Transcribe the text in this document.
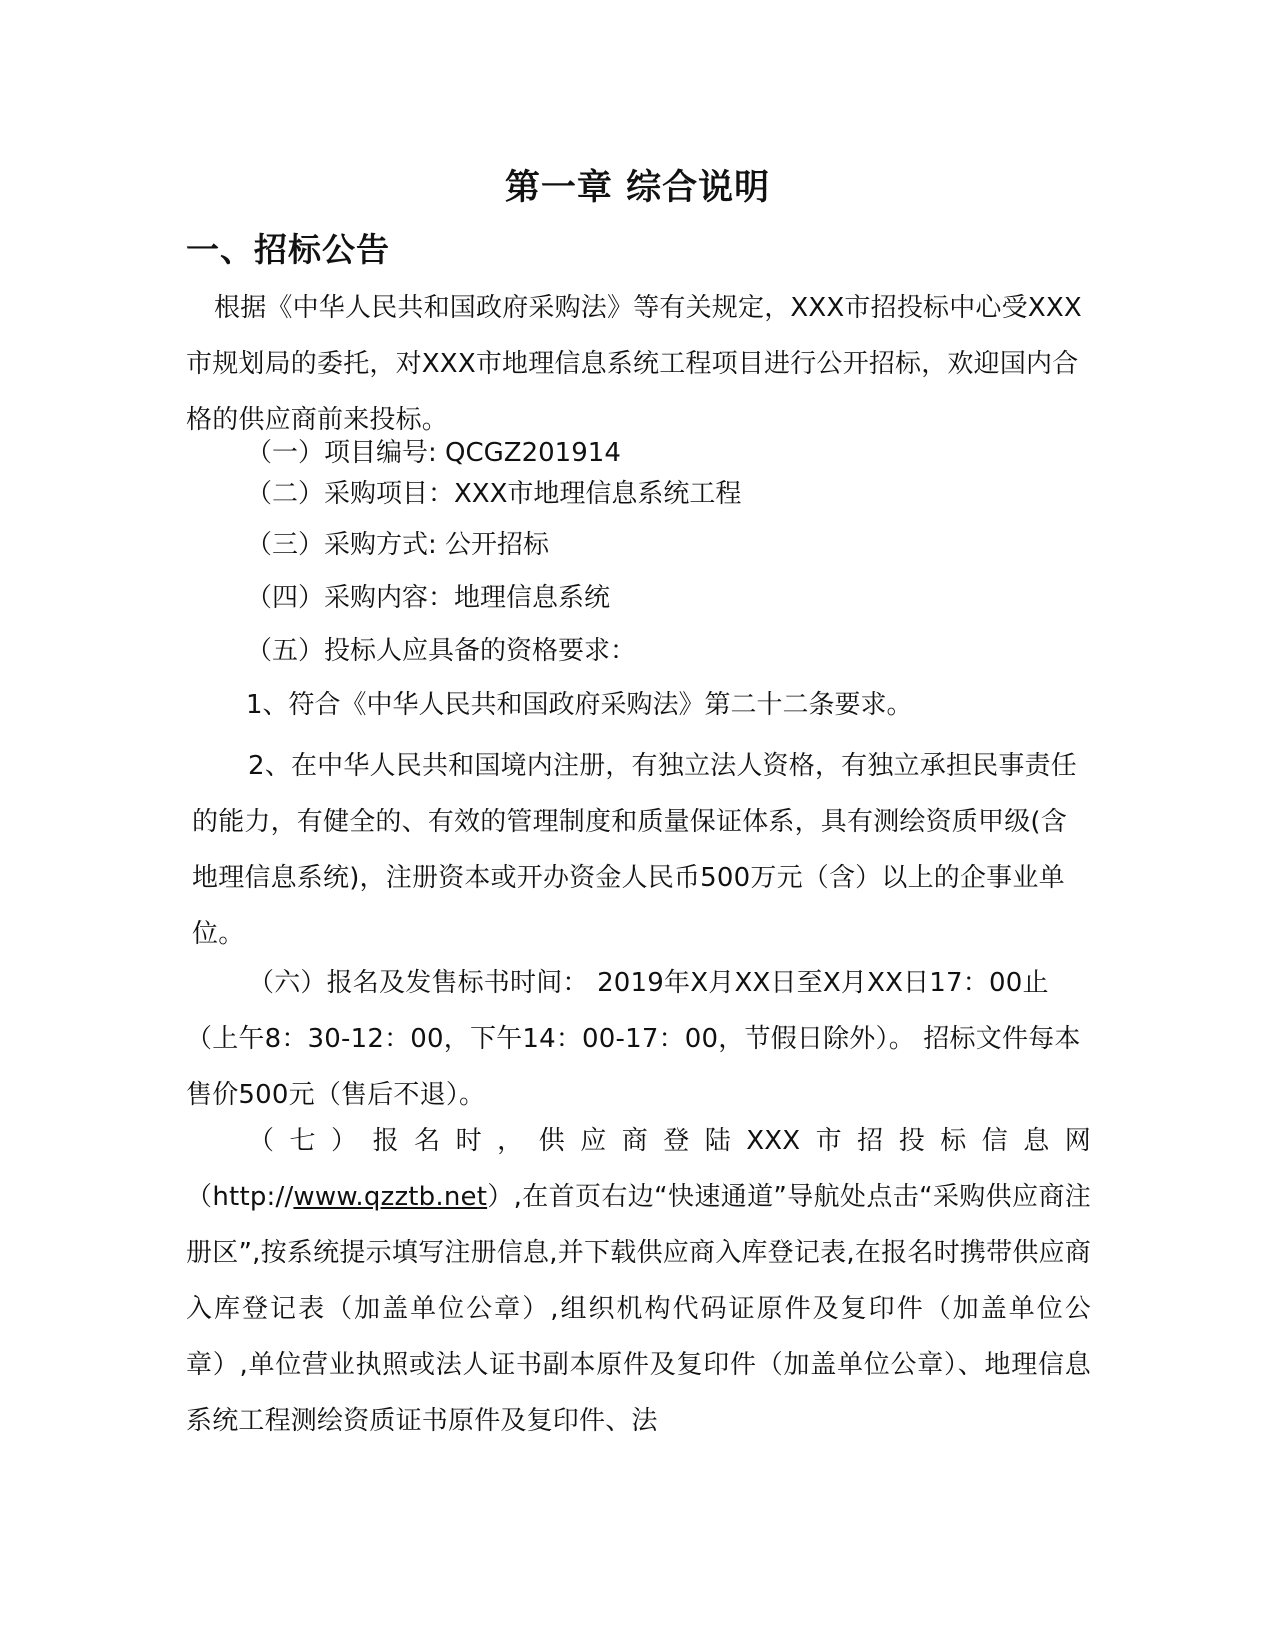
第一章 综合说明
一、招标公告
根据《中华人民共和国政府采购法》等有关规定，XXX市招投标中心受XXX市规划局的委托，对XXX市地理信息系统工程项目进行公开招标，欢迎国内合格的供应商前来投标。
（一）项目编号: QCGZ201914
（二）采购项目：XXX市地理信息系统工程
（三）采购方式: 公开招标
（四）采购内容：地理信息系统
（五）投标人应具备的资格要求：
1、符合《中华人民共和国政府采购法》第二十二条要求。
2、在中华人民共和国境内注册，有独立法人资格，有独立承担民事责任的能力，有健全的、有效的管理制度和质量保证体系，具有测绘资质甲级(含地理信息系统)，注册资本或开办资金人民币500万元（含）以上的企事业单位。
（六）报名及发售标书时间： 2019年X月XX日至X月XX日17：00止（上午8：30-12：00，下午14：00-17：00，节假日除外）。 招标文件每本售价500元（售后不退）。
（七）报名时，供应商登陆XXX市招投标信息网（http://www.qzztb.net）,在首页右边“快速通道”导航处点击“采购供应商注册区”,按系统提示填写注册信息,并下载供应商入库登记表,在报名时携带供应商入库登记表（加盖单位公章）,组织机构代码证原件及复印件（加盖单位公章）,单位营业执照或法人证书副本原件及复印件（加盖单位公章）、地理信息系统工程测绘资质证书原件及复印件、法
